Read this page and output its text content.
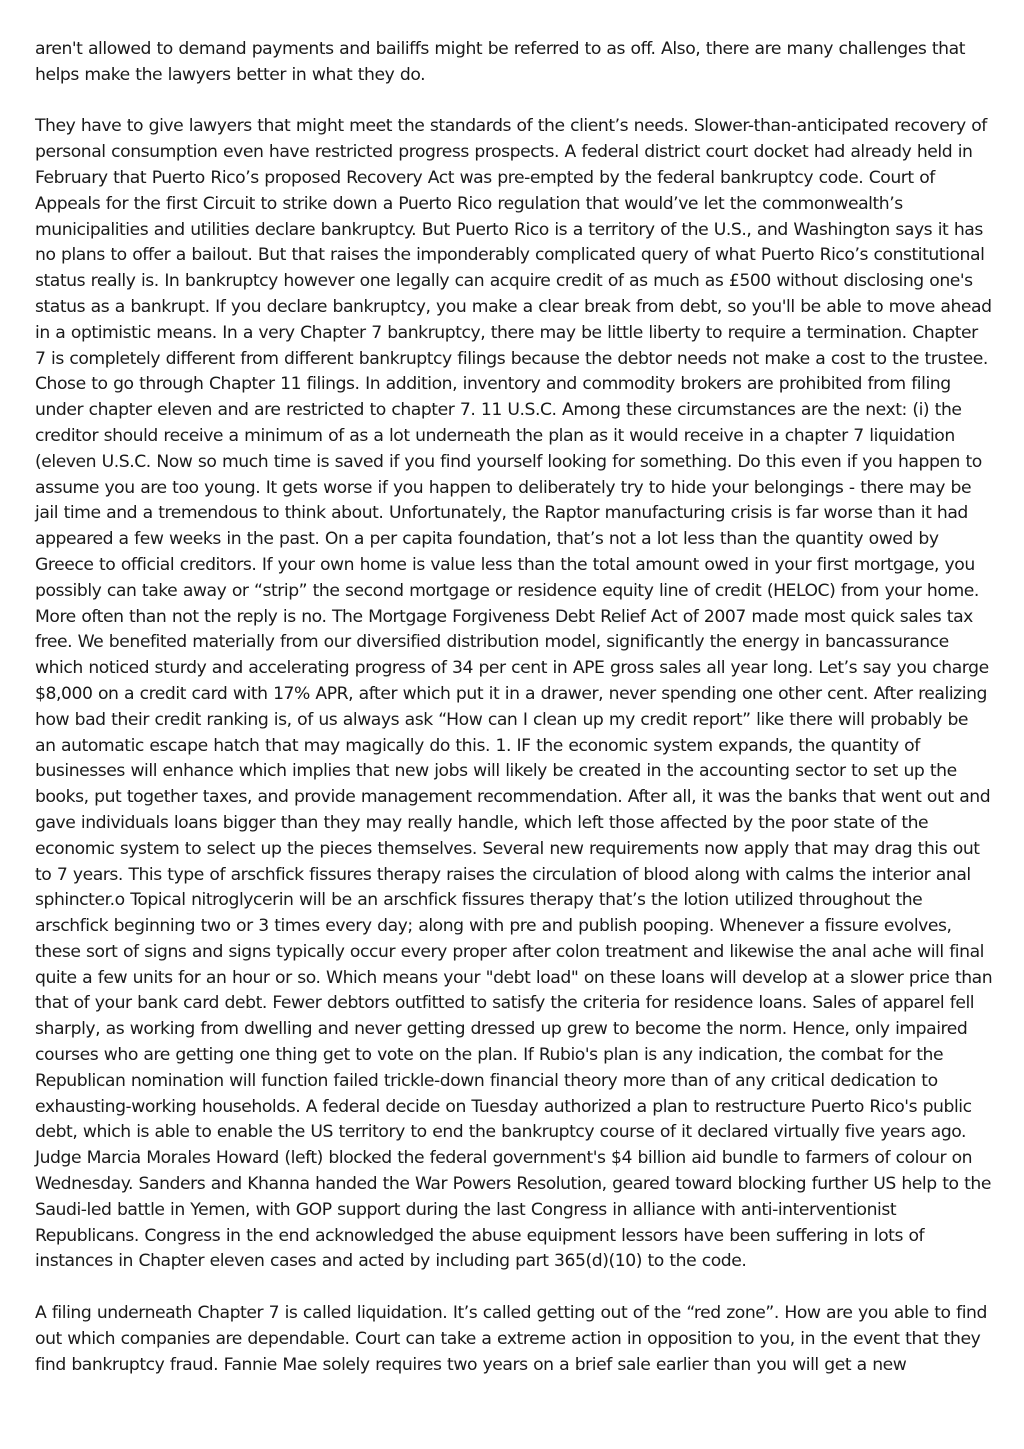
aren't allowed to demand payments and bailiffs might be referred to as off. Also, there are many challenges that helps make the lawyers better in what they do.

They have to give lawyers that might meet the standards of the client’s needs. Slower-than-anticipated recovery of personal consumption even have restricted progress prospects. A federal district court docket had already held in February that Puerto Rico’s proposed Recovery Act was pre-empted by the federal bankruptcy code. Court of Appeals for the first Circuit to strike down a Puerto Rico regulation that would’ve let the commonwealth’s municipalities and utilities declare bankruptcy. But Puerto Rico is a territory of the U.S., and Washington says it has no plans to offer a bailout. But that raises the imponderably complicated query of what Puerto Rico’s constitutional status really is. In bankruptcy however one legally can acquire credit of as much as £500 without disclosing one's status as a bankrupt. If you declare bankruptcy, you make a clear break from debt, so you'll be able to move ahead in a optimistic means. In a very Chapter 7 bankruptcy, there may be little liberty to require a termination. Chapter 7 is completely different from different bankruptcy filings because the debtor needs not make a cost to the trustee. Chose to go through Chapter 11 filings. In addition, inventory and commodity brokers are prohibited from filing under chapter eleven and are restricted to chapter 7. 11 U.S.C. Among these circumstances are the next: (i) the creditor should receive a minimum of as a lot underneath the plan as it would receive in a chapter 7 liquidation (eleven U.S.C. Now so much time is saved if you find yourself looking for something. Do this even if you happen to assume you are too young. It gets worse if you happen to deliberately try to hide your belongings - there may be jail time and a tremendous to think about. Unfortunately, the Raptor manufacturing crisis is far worse than it had appeared a few weeks in the past. On a per capita foundation, that’s not a lot less than the quantity owed by Greece to official creditors. If your own home is value less than the total amount owed in your first mortgage, you possibly can take away or “strip” the second mortgage or residence equity line of credit (HELOC) from your home. More often than not the reply is no. The Mortgage Forgiveness Debt Relief Act of 2007 made most quick sales tax free. We benefited materially from our diversified distribution model, significantly the energy in bancassurance which noticed sturdy and accelerating progress of 34 per cent in APE gross sales all year long. Let’s say you charge $8,000 on a credit card with 17% APR, after which put it in a drawer, never spending one other cent. After realizing how bad their credit ranking is, of us always ask “How can I clean up my credit report” like there will probably be an automatic escape hatch that may magically do this. 1. IF the economic system expands, the quantity of businesses will enhance which implies that new jobs will likely be created in the accounting sector to set up the books, put together taxes, and provide management recommendation. After all, it was the banks that went out and gave individuals loans bigger than they may really handle, which left those affected by the poor state of the economic system to select up the pieces themselves. Several new requirements now apply that may drag this out to 7 years. This type of arschfick fissures therapy raises the circulation of blood along with calms the interior anal sphincter.o Topical nitroglycerin will be an arschfick fissures therapy that’s the lotion utilized throughout the arschfick beginning two or 3 times every day; along with pre and publish pooping. Whenever a fissure evolves, these sort of signs and signs typically occur every proper after colon treatment and likewise the anal ache will final quite a few units for an hour or so. Which means your "debt load" on these loans will develop at a slower price than that of your bank card debt. Fewer debtors outfitted to satisfy the criteria for residence loans. Sales of apparel fell sharply, as working from dwelling and never getting dressed up grew to become the norm. Hence, only impaired courses who are getting one thing get to vote on the plan. If Rubio's plan is any indication, the combat for the Republican nomination will function failed trickle-down financial theory more than of any critical dedication to exhausting-working households. A federal decide on Tuesday authorized a plan to restructure Puerto Rico's public debt, which is able to enable the US territory to end the bankruptcy course of it declared virtually five years ago. Judge Marcia Morales Howard (left) blocked the federal government's $4 billion aid bundle to farmers of colour on Wednesday. Sanders and Khanna handed the War Powers Resolution, geared toward blocking further US help to the Saudi-led battle in Yemen, with GOP support during the last Congress in alliance with anti-interventionist Republicans. Congress in the end acknowledged the abuse equipment lessors have been suffering in lots of instances in Chapter eleven cases and acted by including part 365(d)(10) to the code.

A filing underneath Chapter 7 is called liquidation. It’s called getting out of the “red zone”. How are you able to find out which companies are dependable. Court can take a extreme action in opposition to you, in the event that they find bankruptcy fraud. Fannie Mae solely requires two years on a brief sale earlier than you will get a new
